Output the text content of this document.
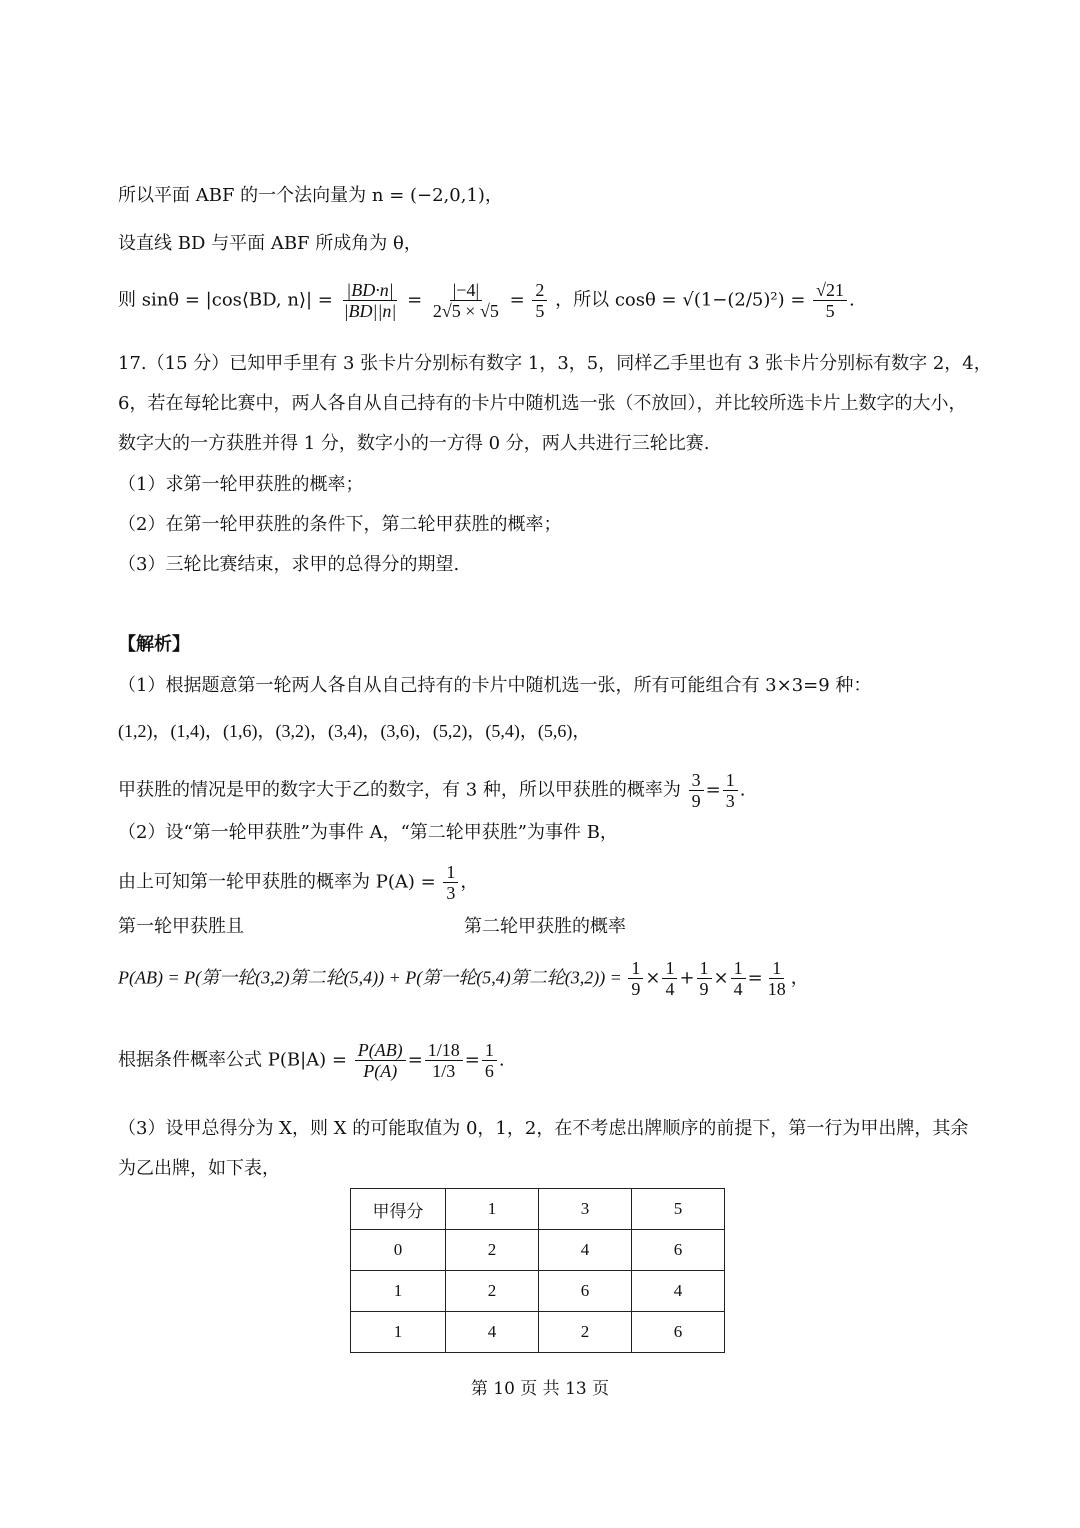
所以平面 ABF 的一个法向量为 n = (−2,0,1)，
设直线 BD 与平面 ABF 所成角为 θ，
则 sinθ = |cos⟨BD, n⟩| = $\frac{|BD\cdot n|}{|BD||n|} = \frac{|-4|}{2√5 \times √5} = \frac{2}{5}$ ，所以 $\cos\theta = √(1-(2/5)^2) = \frac{√21}{5}$ .
17.（15 分）已知甲手里有 3 张卡片分别标有数字 1，3，5，同样乙手里也有 3 张卡片分别标有数字 2，4，
6，若在每轮比赛中，两人各自从自己持有的卡片中随机选一张（不放回），并比较所选卡片上数字的大小，
数字大的一方获胜并得 1 分，数字小的一方得 0 分，两人共进行三轮比赛.
（1）求第一轮甲获胜的概率；
（2）在第一轮甲获胜的条件下，第二轮甲获胜的概率；
（3）三轮比赛结束，求甲的总得分的期望.
【解析】
（1）根据题意第一轮两人各自从自己持有的卡片中随机选一张，所有可能组合有 3×3=9 种：
(1,2)，(1,4)，(1,6)，(3,2)，(3,4)，(3,6)，(5,2)，(5,4)，(5,6)，
甲获胜的情况是甲的数字大于乙的数字，有 3 种，所以甲获胜的概率为 $\frac{3}{9} = \frac{1}{3}$ .
（2）设“第一轮甲获胜”为事件 A，“第二轮甲获胜”为事件 B，
由上可知第一轮甲获胜的概率为 $P(A) = \frac{1}{3}$ ，
第一轮甲获胜且	第二轮甲获胜的概率
P(AB) = P(第一轮(3,2)第二轮(5,4)) + P(第一轮(5,4)第二轮$(3,2)) = \frac{1}{9} \times \frac{1}{4} + \frac{1}{9} \times \frac{1}{4} = \frac{1}{18}$ ，
根据条件概率公式 $P(B|A) = \frac{P(AB)}{P(A)} = \frac{1/18}{1/3} = \frac{1}{6}$ .
（3）设甲总得分为 X，则 X 的可能取值为 0，1，2，在不考虑出牌顺序的前提下，第一行为甲出牌，其余
为乙出牌，如下表，
甲得分	1	3	5
0	2	4	6
1	2	6	4
1	4	2	6
第 10 页 共 13 页
